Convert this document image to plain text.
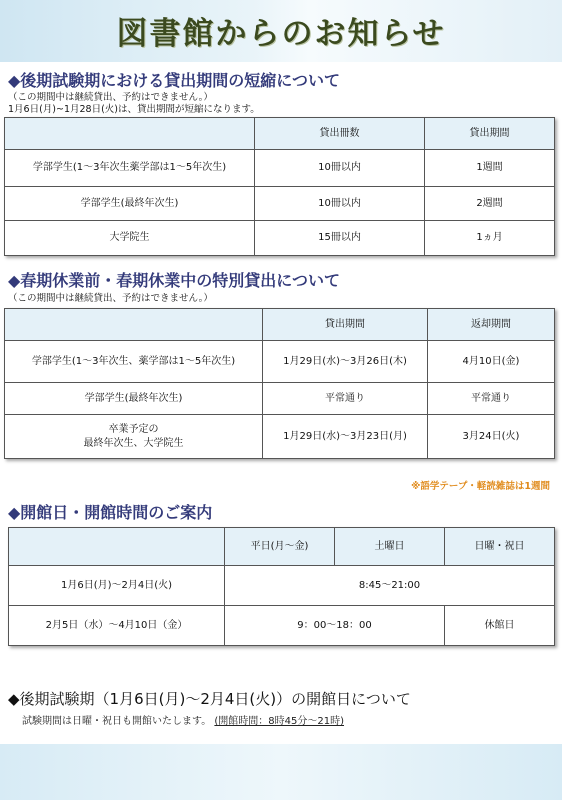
図書館からのお知らせ
◆後期試験期における貸出期間の短縮について
（この期間中は継続貸出、予約はできません。）
1月6日(月)~1月28日(火)は、貸出期間が短縮になります。
	貸出冊数	貸出期間
学部学生(1～3年次生薬学部は1～5年次生)	10冊以内	1週間
学部学生(最終年次生)	10冊以内	2週間
大学院生	15冊以内	1ヵ月
◆春期休業前・春期休業中の特別貸出について
（この期間中は継続貸出、予約はできません。）
	貸出期間	返却期間
学部学生(1～3年次生、薬学部は1～5年次生)	1月29日(水)～3月26日(木)	4月10日(金)
学部学生(最終年次生)	平常通り	平常通り
卒業予定の
最終年次生、大学院生	1月29日(水)～3月23日(月)	3月24日(火)
※語学テープ・軽読雑誌は1週間
◆開館日・開館時間のご案内
	平日(月～金)	土曜日	日曜・祝日
1月6日(月)～2月4日(火)	8:45～21:00		
2月5日（水）～4月10日（金）	9：00～18：00		休館日
◆後期試験期（1月6日(月)～2月4日(火)）の開館日について
試験期間は日曜・祝日も開館いたします。 (開館時間：8時45分～21時)
